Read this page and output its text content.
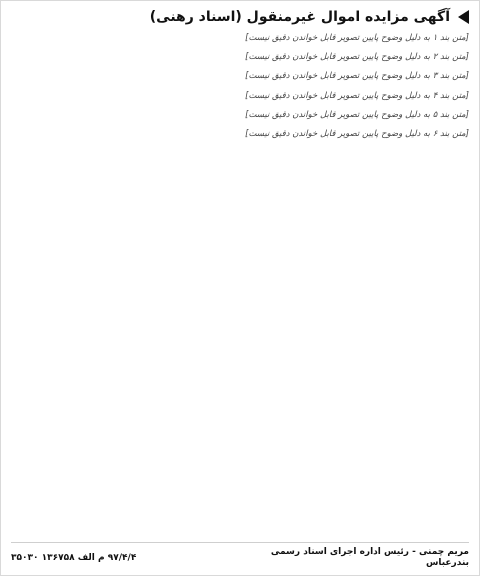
آگهی مزایده اموال غیرمنقول (اسناد رهنی)

[متن بند ۱ به دلیل وضوح پایین تصویر قابل خواندن دقیق نیست]

[متن بند ۲ به دلیل وضوح پایین تصویر قابل خواندن دقیق نیست]

[متن بند ۳ به دلیل وضوح پایین تصویر قابل خواندن دقیق نیست]

[متن بند ۴ به دلیل وضوح پایین تصویر قابل خواندن دقیق نیست]

[متن بند ۵ به دلیل وضوح پایین تصویر قابل خواندن دقیق نیست]

[متن بند ۶ به دلیل وضوح پایین تصویر قابل خواندن دقیق نیست]

مریم چمنی - رئیس اداره اجرای اسناد رسمی بندرعباس
۹۷/۴/۴ م الف ۱۳۶۷۵۸ ۳۵۰۳۰
